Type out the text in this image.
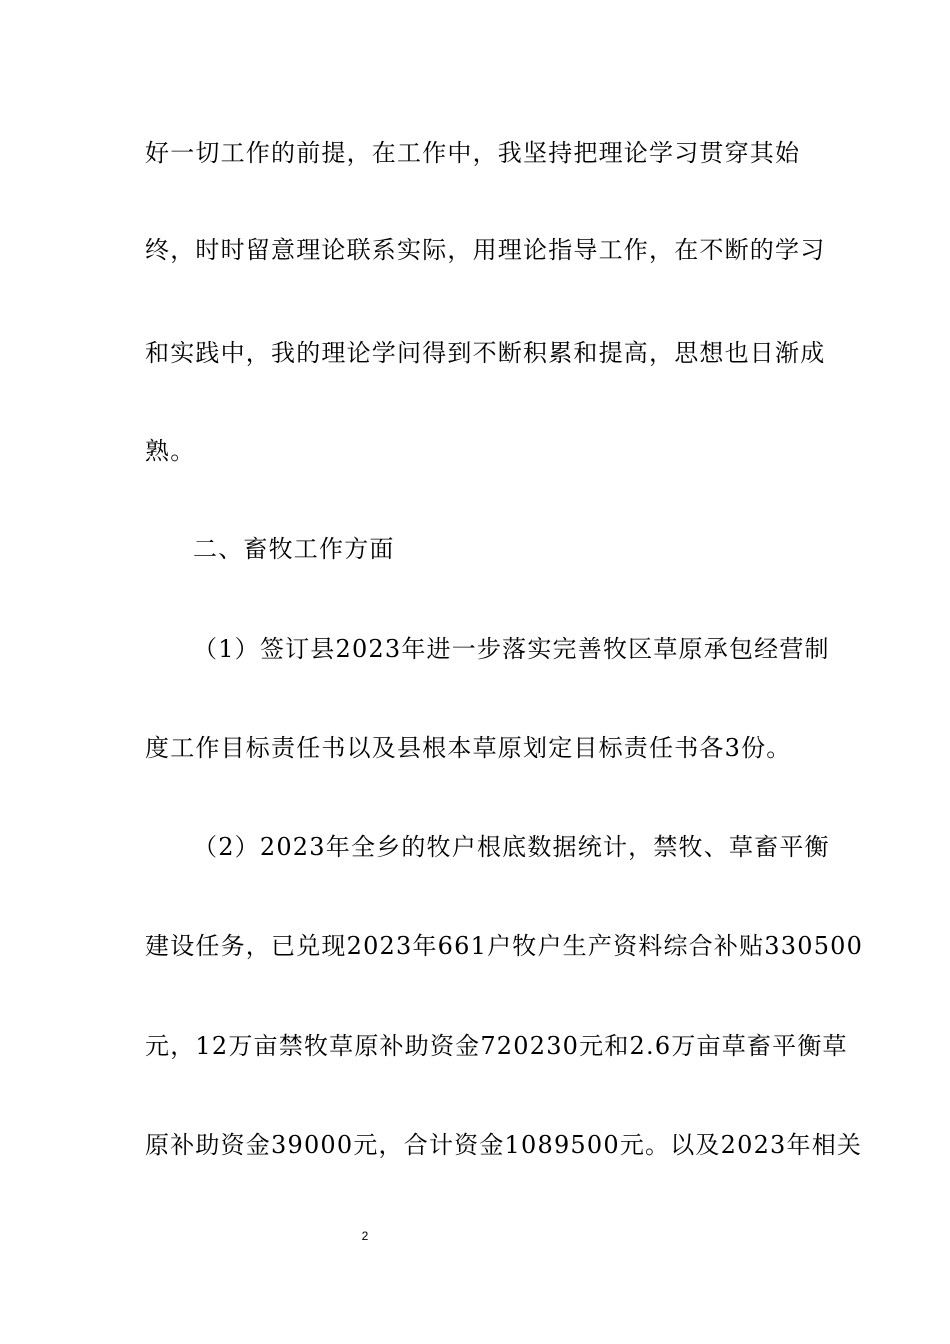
好一切工作的前提，在工作中，我坚持把理论学习贯穿其始
终，时时留意理论联系实际，用理论指导工作，在不断的学习
和实践中，我的理论学问得到不断积累和提高，思想也日渐成
熟。
二、畜牧工作方面
（1）签订县2023年进一步落实完善牧区草原承包经营制
度工作目标责任书以及县根本草原划定目标责任书各3份。
（2）2023年全乡的牧户根底数据统计，禁牧、草畜平衡
建设任务，已兑现2023年661户牧户生产资料综合补贴330500
元，12万亩禁牧草原补助资金720230元和2.6万亩草畜平衡草
原补助资金39000元，合计资金1089500元。以及2023年相关
2
